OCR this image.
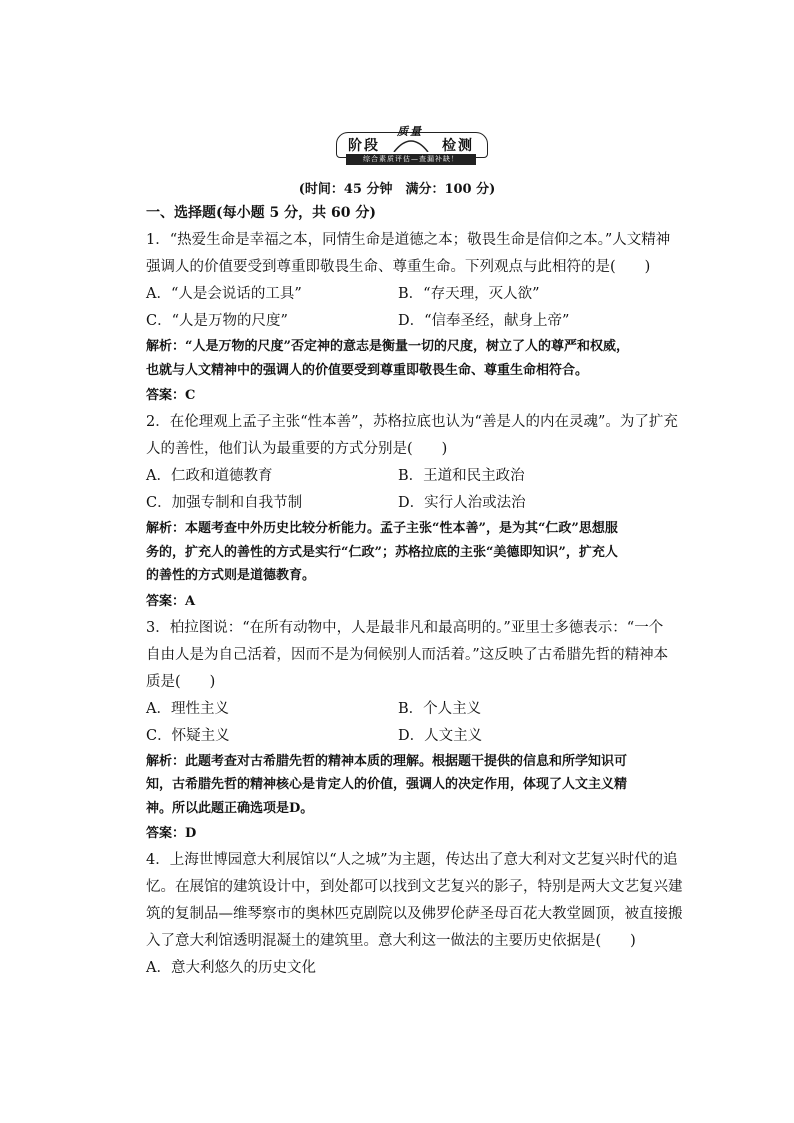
阶段
质量
检测
综合素质评估—查漏补缺！
(时间：45 分钟　满分：100 分)
一、选择题(每小题 5 分，共 60 分)
1．“热爱生命是幸福之本，同情生命是道德之本；敬畏生命是信仰之本。”人文精神
强调人的价值要受到尊重即敬畏生命、尊重生命。下列观点与此相符的是(　　)
A．“人是会说话的工具”	B．“存天理，灭人欲”
C．“人是万物的尺度”	D．“信奉圣经，献身上帝”
解析：“人是万物的尺度”否定神的意志是衡量一切的尺度，树立了人的尊严和权威，
也就与人文精神中的强调人的价值要受到尊重即敬畏生命、尊重生命相符合。
答案：C
2．在伦理观上孟子主张“性本善”，苏格拉底也认为“善是人的内在灵魂”。为了扩充
人的善性，他们认为最重要的方式分别是(　　)
A．仁政和道德教育	B．王道和民主政治
C．加强专制和自我节制	D．实行人治或法治
解析：本题考查中外历史比较分析能力。孟子主张“性本善”，是为其“仁政”思想服
务的，扩充人的善性的方式是实行“仁政”；苏格拉底的主张“美德即知识”，扩充人
的善性的方式则是道德教育。
答案：A
3．柏拉图说：“在所有动物中，人是最非凡和最高明的。”亚里士多德表示：“一个
自由人是为自己活着，因而不是为伺候别人而活着。”这反映了古希腊先哲的精神本
质是(　　)
A．理性主义	B．个人主义
C．怀疑主义	D．人文主义
解析：此题考查对古希腊先哲的精神本质的理解。根据题干提供的信息和所学知识可
知，古希腊先哲的精神核心是肯定人的价值，强调人的决定作用，体现了人文主义精
神。所以此题正确选项是D。
答案：D
4．上海世博园意大利展馆以“人之城”为主题，传达出了意大利对文艺复兴时代的追
忆。在展馆的建筑设计中，到处都可以找到文艺复兴的影子，特别是两大文艺复兴建
筑的复制品—维琴察市的奥林匹克剧院以及佛罗伦萨圣母百花大教堂圆顶，被直接搬
入了意大利馆透明混凝土的建筑里。意大利这一做法的主要历史依据是(　　)
A．意大利悠久的历史文化
